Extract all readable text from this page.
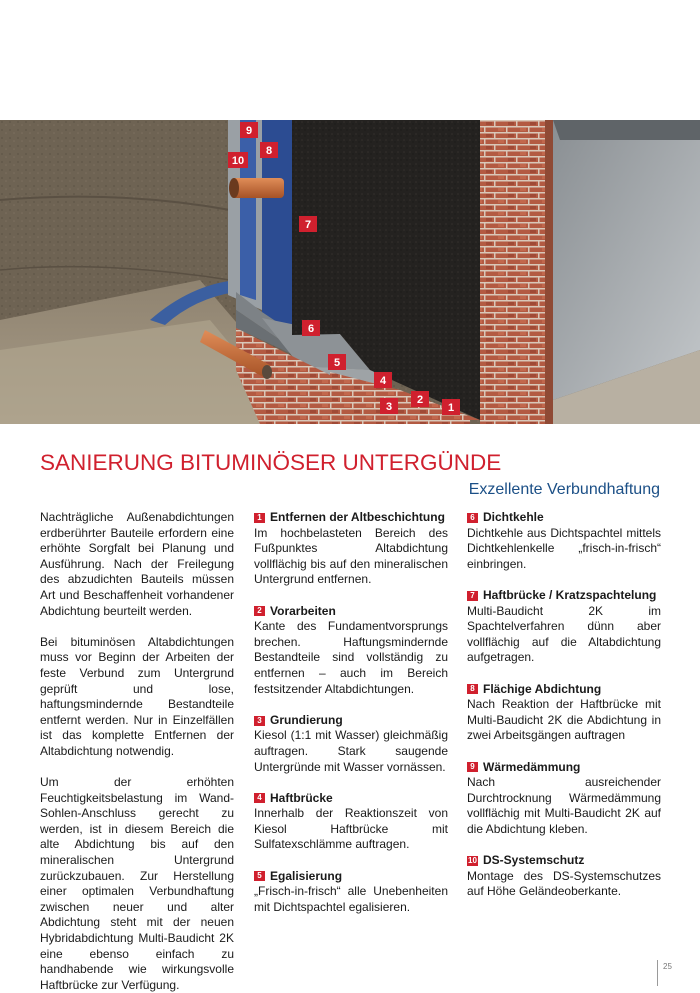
9
10
8
7
6
5
4
3
2
1
SANIERUNG BITUMINÖSER UNTERGÜNDE
Exzellente Verbundhaftung

Nachträgliche Außenabdichtungen erdberührter Bauteile erfordern eine erhöhte Sorgfalt bei Planung und Ausführung. Nach der Freilegung des abzudichten Bauteils müssen Art und Beschaffenheit vorhandener Abdichtung beurteilt werden.

Bei bituminösen Altabdichtungen muss vor Beginn der Arbeiten der feste Verbund zum Untergrund geprüft und lose, haftungsmindernde Bestandteile entfernt werden. Nur in Einzelfällen ist das komplette Entfernen der Altabdichtung notwendig.

Um der erhöhten Feuchtigkeitsbelastung im Wand-Sohlen-Anschluss gerecht zu werden, ist in diesem Bereich die alte Abdichtung bis auf den mineralischen Untergrund zurückzubauen. Zur Herstellung einer optimalen Verbundhaftung zwischen neuer und alter Abdichtung steht mit der neuen Hybridabdichtung Multi-Baudicht 2K eine ebenso einfach zu handhabende wie wirkungsvolle Haftbrücke zur Verfügung.

1 Entfernen der Altbeschichtung
Im hochbelasteten Bereich des Fußpunktes Altabdichtung vollflächig bis auf den mineralischen Untergrund entfernen.
2 Vorarbeiten
Kante des Fundamentvorsprungs brechen. Haftungsmindernde Bestandteile sind vollständig zu entfernen – auch im Bereich festsitzender Altabdichtungen.
3 Grundierung
Kiesol (1:1 mit Wasser) gleichmäßig auftragen. Stark saugende Untergründe mit Wasser vornässen.
4 Haftbrücke
Innerhalb der Reaktionszeit von Kiesol Haftbrücke mit Sulfatexschlämme auftragen.
5 Egalisierung
„Frisch-in-frisch“ alle Unebenheiten mit Dichtspachtel egalisieren.
6 Dichtkehle
Dichtkehle aus Dichtspachtel mittels Dichtkehlenkelle „frisch-in-frisch“ einbringen.
7 Haftbrücke / Kratzspachtelung
Multi-Baudicht 2K im Spachtelverfahren dünn aber vollflächig auf die Altabdichtung aufgetragen.
8 Flächige Abdichtung
Nach Reaktion der Haftbrücke mit Multi-Baudicht 2K die Abdichtung in zwei Arbeitsgängen auftragen
9 Wärmedämmung
Nach ausreichender Durchtrocknung Wärmedämmung vollflächig mit Multi-Baudicht 2K auf die Abdichtung kleben.
10 DS-Systemschutz
Montage des DS-Systemschutzes auf Höhe Geländeoberkante.
25
